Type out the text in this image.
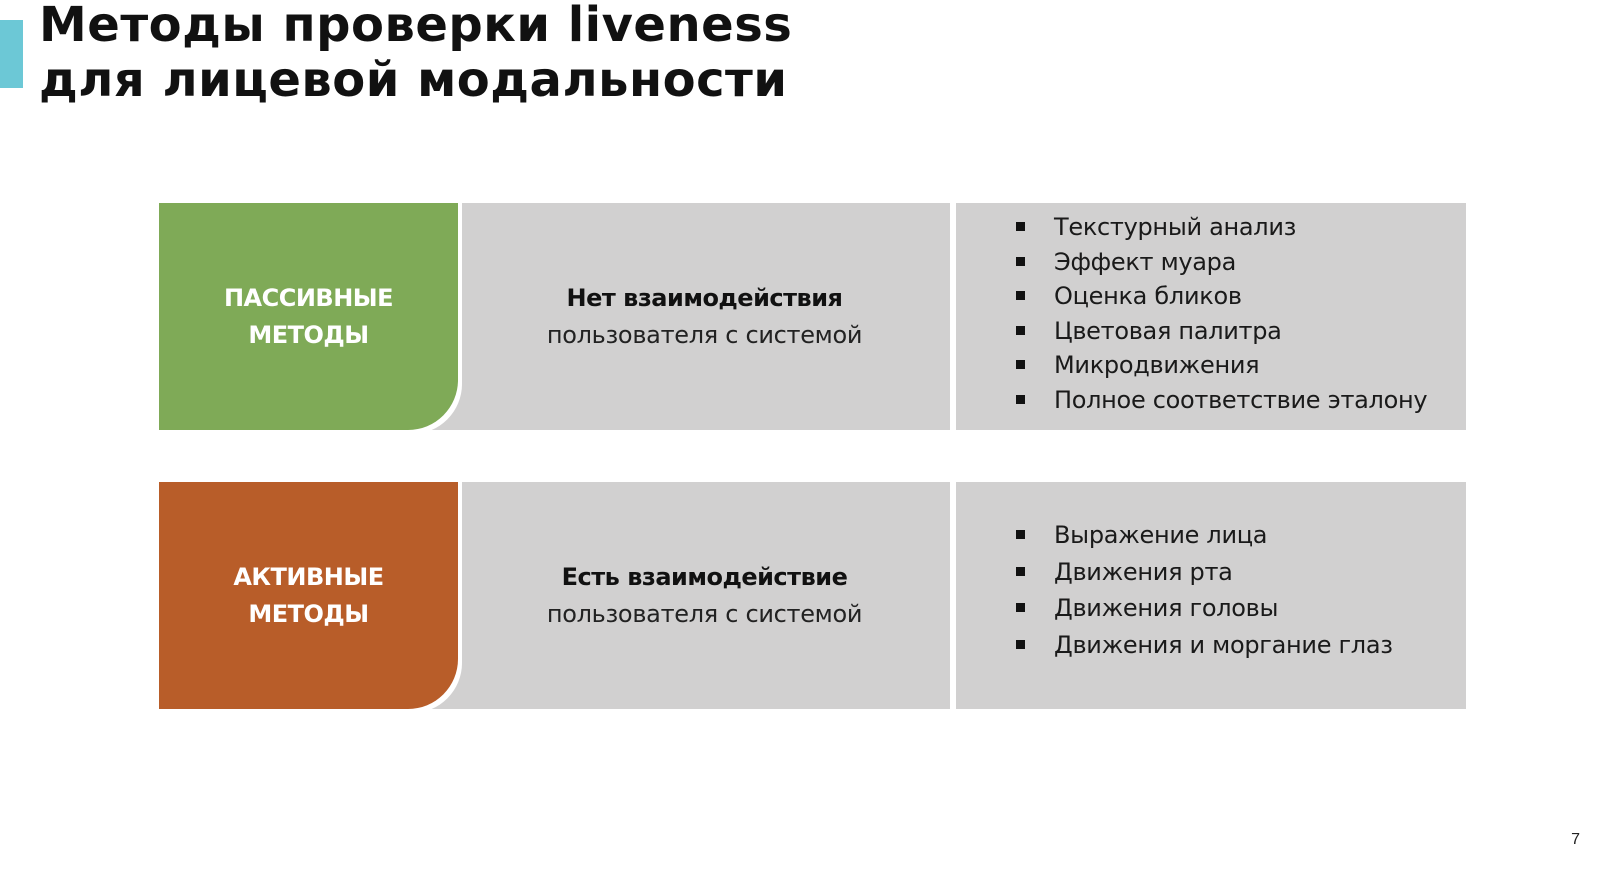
Методы проверки liveness
для лицевой модальности
ПАССИВНЫЕ
МЕТОДЫ
Нет взаимодействия
пользователя с системой
Текстурный анализ
Эффект муара
Оценка бликов
Цветовая палитра
Микродвижения
Полное соответствие эталону
АКТИВНЫЕ
МЕТОДЫ
Есть взаимодействие
пользователя с системой
Выражение лица
Движения рта
Движения головы
Движения и моргание глаз
7
